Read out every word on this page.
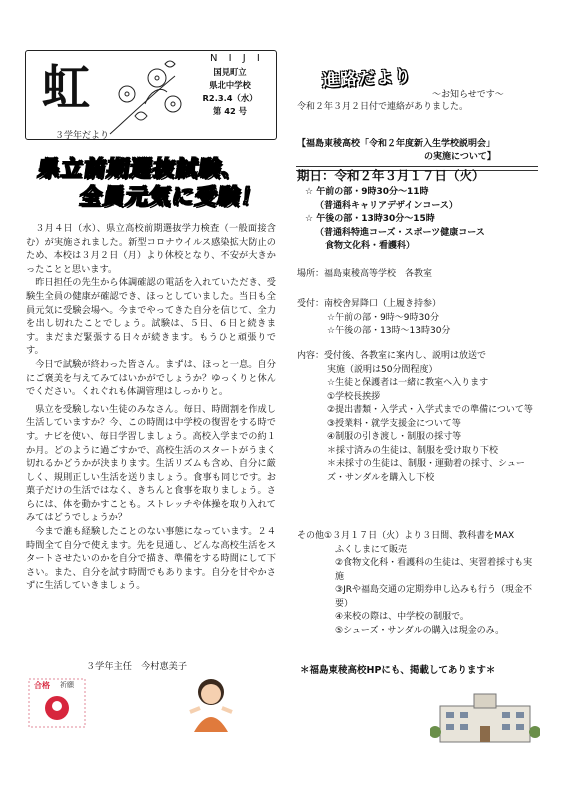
N I J I
虹
３学年だより
国見町立
県北中学校
R2.3.4（水）
第 42 号
県立前期選抜試験、
全員元気に受験！

３月４日（水）、県立高校前期選抜学力検査（一般面接含む）が実施されました。新型コロナウイルス感染拡大防止のため、本校は３月２日（月）より休校となり、不安が大きかったことと思います。

昨日担任の先生から体調確認の電話を入れていただき、受験生全員の健康が確認でき、ほっとしていました。当日も全員元気に受験会場へ。今までやってきた自分を信じて、全力を出し切れたことでしょう。試験は、５日、６日と続きます。まだまだ緊張する日々が続きます。もうひと頑張りです。

今日で試験が終わった皆さん。まずは、ほっと一息。自分にご褒美を与えてみてはいかがでしょうか？ゆっくりと休んでください。くれぐれも体調管理はしっかりと。

県立を受験しない生徒のみなさん。毎日、時間割を作成し生活していますか？今、この時間は中学校の復習をする時です。ナビを使い、毎日学習しましょう。高校入学までの約１か月。どのように過ごすかで、高校生活のスタートがうまく切れるかどうかが決まります。生活リズムも含め、自分に厳しく、規則正しい生活を送りましょう。食事も同じです。お菓子だけの生活ではなく、きちんと食事を取りましょう。さらには、体を動かすことも。ストレッチや体操を取り入れてみてはどうでしょうか？

今まで誰も経験したことのない事態になっています。２４時間全て自分で使えます。先を見通し、どんな高校生活をスタートさせたいのかを自分で描き、準備をする時間にして下さい。また、自分を試す時間でもあります。自分を甘やかさずに生活していきましょう。

３学年主任　今村恵美子
合格 祈願
進路だより
～お知らせです～
令和２年３月２日付で連絡がありました。
【福島東稜高校「令和２年度新入生学校説明会」
の実施について】
期日：令和２年３月１７日（火）
☆ 午前の部・9時30分～11時
（普通科キャリアデザインコース）
☆ 午後の部・13時30分～15時
（普通科特進コーズ・スポーツ健康コース
食物文化科・看護科）
場所：福島東稜高等学校　各教室
受付：南校舎昇降口（上履き持参）
☆午前の部・9時～9時30分
☆午後の部・13時～13時30分
内容：受付後、各教室に案内し、説明は放送で
実施（説明は50分間程度）
☆生徒と保護者は一緒に教室へ入ります
①学校長挨拶
②提出書類・入学式・入学式までの準備について等
③授業料・就学支援金について等
④制服の引き渡し・制服の採寸等
＊採寸済みの生徒は、制服を受け取り下校
＊未採寸の生徒は、制服・運動着の採寸、シューズ・サンダルを購入し下校
その他①３月１７日（火）より３日間、教科書をMAX
ふくしまにて販売
②食物文化科・看護科の生徒は、実習着採寸も実施
③JRや福島交通の定期券申し込みも行う（現金不要）
④来校の際は、中学校の制服で。
⑤シューズ・サンダルの購入は現金のみ。
＊福島東稜高校HPにも、掲載してあります＊
